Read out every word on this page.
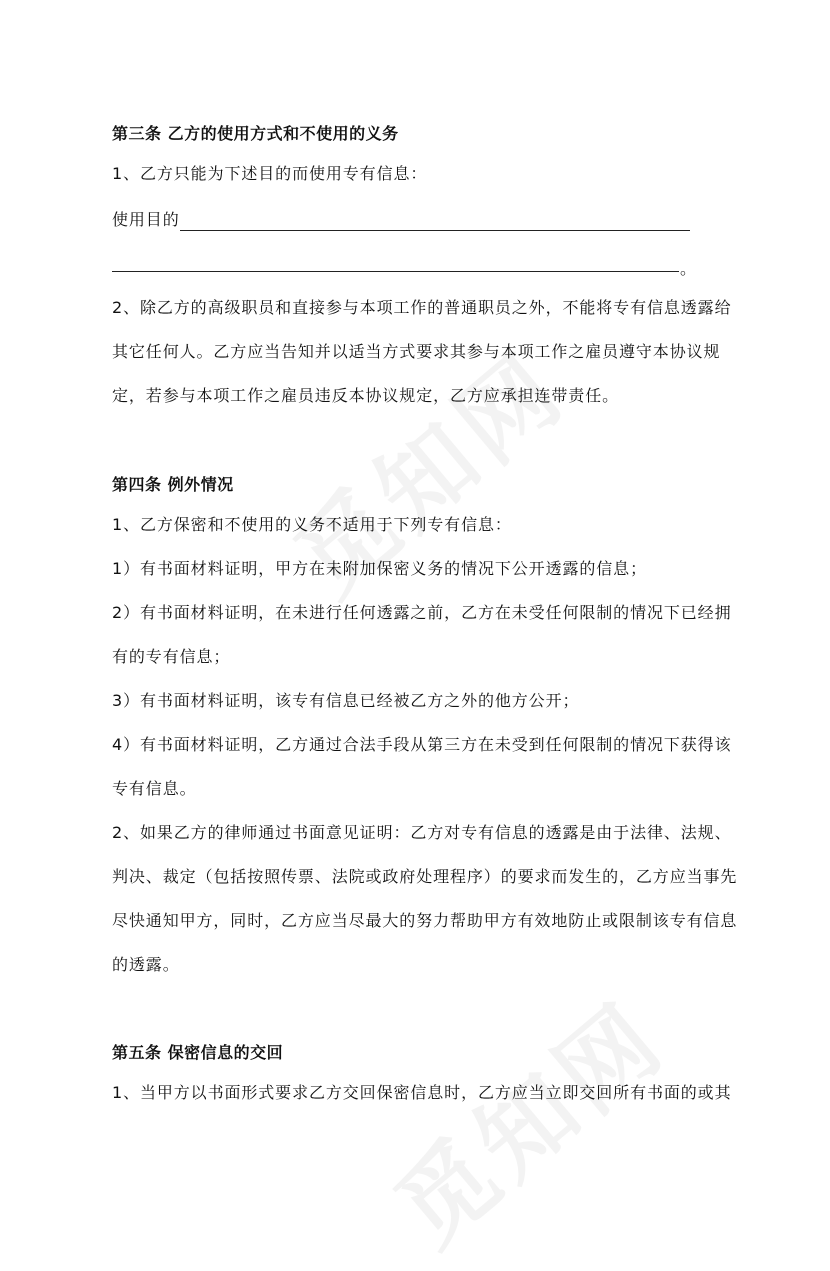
第三条 乙方的使用方式和不使用的义务
1、乙方只能为下述目的而使用专有信息：
使用目的
。
2、除乙方的高级职员和直接参与本项工作的普通职员之外，不能将专有信息透露给
其它任何人。乙方应当告知并以适当方式要求其参与本项工作之雇员遵守本协议规
定，若参与本项工作之雇员违反本协议规定，乙方应承担连带责任。
第四条 例外情况
1、乙方保密和不使用的义务不适用于下列专有信息：
1）有书面材料证明，甲方在未附加保密义务的情况下公开透露的信息；
2）有书面材料证明，在未进行任何透露之前，乙方在未受任何限制的情况下已经拥
有的专有信息；
3）有书面材料证明，该专有信息已经被乙方之外的他方公开；
4）有书面材料证明，乙方通过合法手段从第三方在未受到任何限制的情况下获得该
专有信息。
2、如果乙方的律师通过书面意见证明：乙方对专有信息的透露是由于法律、法规、
判决、裁定（包括按照传票、法院或政府处理程序）的要求而发生的，乙方应当事先
尽快通知甲方，同时，乙方应当尽最大的努力帮助甲方有效地防止或限制该专有信息
的透露。
第五条 保密信息的交回
1、当甲方以书面形式要求乙方交回保密信息时，乙方应当立即交回所有书面的或其
